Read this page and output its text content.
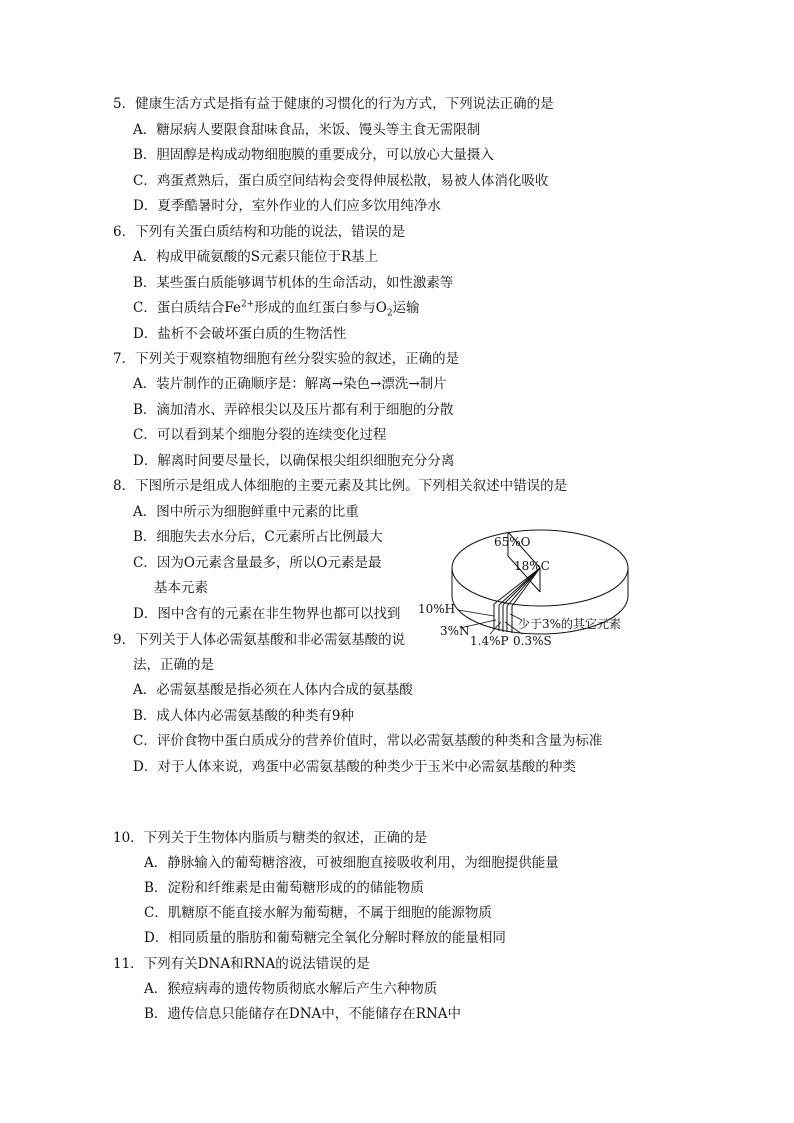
5．健康生活方式是指有益于健康的习惯化的行为方式，下列说法正确的是
A．糖尿病人要限食甜味食品，米饭、馒头等主食无需限制
B．胆固醇是构成动物细胞膜的重要成分，可以放心大量摄入
C．鸡蛋煮熟后，蛋白质空间结构会变得伸展松散，易被人体消化吸收
D．夏季酷暑时分，室外作业的人们应多饮用纯净水
6．下列有关蛋白质结构和功能的说法，错误的是
A．构成甲硫氨酸的S元素只能位于R基上
B．某些蛋白质能够调节机体的生命活动，如性激素等
C．蛋白质结合$Fe^{2+}$形成的血红蛋白参与$O_2$运输
D．盐析不会破坏蛋白质的生物活性
7．下列关于观察植物细胞有丝分裂实验的叙述，正确的是
A．装片制作的正确顺序是：解离→染色→漂洗→制片
B．滴加清水、弄碎根尖以及压片都有利于细胞的分散
C．可以看到某个细胞分裂的连续变化过程
D．解离时间要尽量长，以确保根尖组织细胞充分分离
8．下图所示是组成人体细胞的主要元素及其比例。下列相关叙述中错误的是
A．图中所示为细胞鲜重中元素的比重
B．细胞失去水分后，C元素所占比例最大
C．因为O元素含量最多，所以O元素是最
基本元素
D．图中含有的元素在非生物界也都可以找到
65%O
18%C
10%H
3%N
1.4%P 0.3%S
少于3%的其它元素
9．下列关于人体必需氨基酸和非必需氨基酸的说
法，正确的是
A．必需氨基酸是指必须在人体内合成的氨基酸
B．成人体内必需氨基酸的种类有9种
C．评价食物中蛋白质成分的营养价值时，常以必需氨基酸的种类和含量为标准
D．对于人体来说，鸡蛋中必需氨基酸的种类少于玉米中必需氨基酸的种类
10．下列关于生物体内脂质与糖类的叙述，正确的是
A．静脉输入的葡萄糖溶液，可被细胞直接吸收利用，为细胞提供能量
B．淀粉和纤维素是由葡萄糖形成的的储能物质
C．肌糖原不能直接水解为葡萄糖，不属于细胞的能源物质
D．相同质量的脂肪和葡萄糖完全氧化分解时释放的能量相同
11．下列有关DNA和RNA的说法错误的是
A．猴痘病毒的遗传物质彻底水解后产生六种物质
B．遗传信息只能储存在DNA中，不能储存在RNA中
